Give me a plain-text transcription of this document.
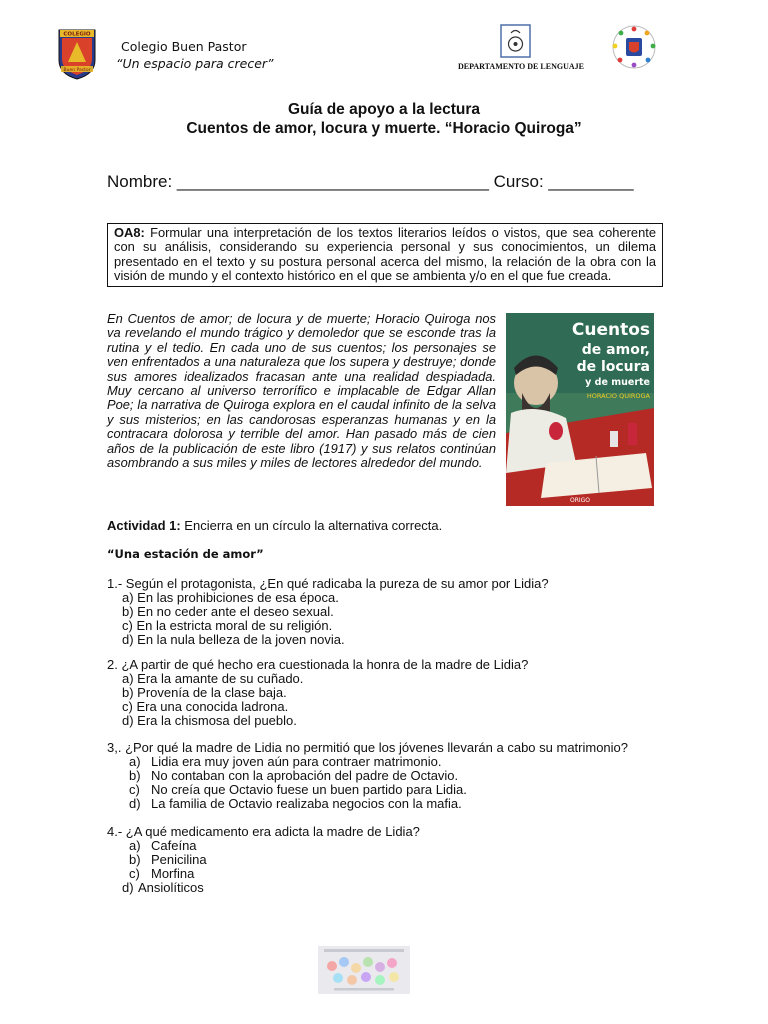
COLEGIO
Buen Pastor
Colegio Buen Pastor
“Un espacio para crecer”	DEPARTAMENTO DE LENGUAJE
Guía de apoyo a la lectura
Cuentos de amor, locura y muerte. “Horacio Quiroga”
Nombre: _________________________________ Curso: _________
OA8: Formular una interpretación de los textos literarios leídos o vistos, que sea coherente con su análisis, considerando su experiencia personal y sus conocimientos, un dilema presentado en el texto y su postura personal acerca del mismo, la relación de la obra con la visión de mundo y el contexto histórico en el que se ambienta y/o en el que fue creada.
En Cuentos de amor; de locura y de muerte; Horacio Quiroga nos va revelando el mundo trágico y demoledor que se esconde tras la rutina y el tedio. En cada uno de sus cuentos; los personajes se ven enfrentados a una naturaleza que los supera y destruye; donde sus amores idealizados fracasan ante una realidad despiadada. Muy cercano al universo terrorífico e implacable de Edgar Allan Poe; la narrativa de Quiroga explora en el caudal infinito de la selva y sus misterios; en las candorosas esperanzas humanas y en la contracara dolorosa y terrible del amor. Han pasado más de cien años de la publicación de este libro (1917) y sus relatos continúan asombrando a sus miles y miles de lectores alrededor del mundo.
Cuentos
de amor,
de locura
y de muerte
HORACIO QUIROGA
ORIGO
Actividad 1: Encierra en un círculo la alternativa correcta.
“Una estación de amor”
1.- Según el protagonista, ¿En qué radicaba la pureza de su amor por Lidia?
a) En las prohibiciones de esa época.
b) En no ceder ante el deseo sexual.
c) En la estricta moral de su religión.
d) En la nula belleza de la joven novia.
2. ¿A partir de qué hecho era cuestionada la honra de la madre de Lidia?
a) Era la amante de su cuñado.
b) Provenía de la clase baja.
c) Era una conocida ladrona.
d) Era la chismosa del pueblo.
3,. ¿Por qué la madre de Lidia no permitió que los jóvenes llevarán a cabo su matrimonio?
a) Lidia era muy joven aún para contraer matrimonio.
b) No contaban con la aprobación del padre de Octavio.
c) No creía que Octavio fuese un buen partido para Lidia.
d) La familia de Octavio realizaba negocios con la mafia.
4.- ¿A qué medicamento era adicta la madre de Lidia?
a) Cafeína
b) Penicilina
c) Morfina
d) Ansiolíticos
